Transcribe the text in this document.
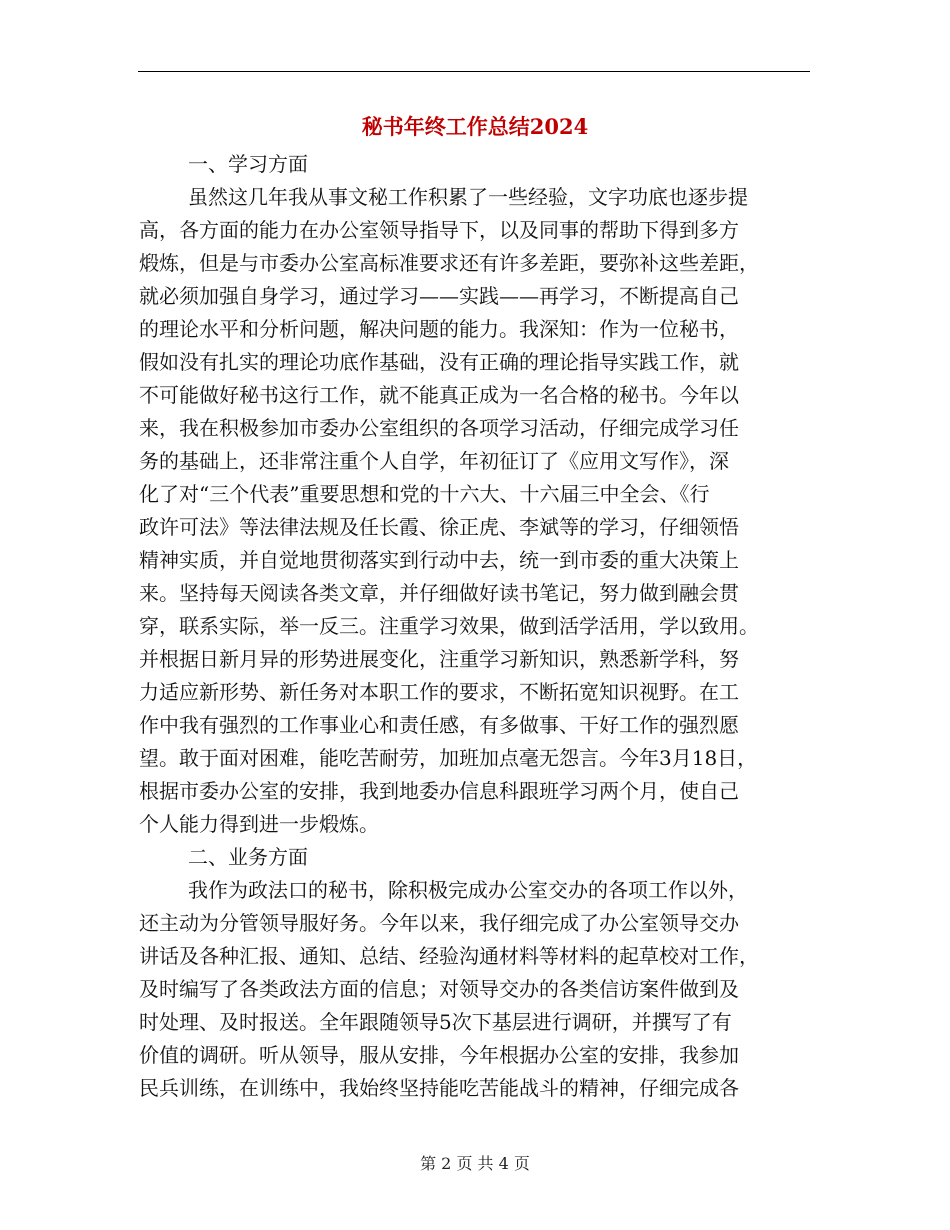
秘书年终工作总结2024
一、学习方面
虽然这几年我从事文秘工作积累了一些经验，文字功底也逐步提
高，各方面的能力在办公室领导指导下，以及同事的帮助下得到多方
煅炼，但是与市委办公室高标准要求还有许多差距，要弥补这些差距，
就必须加强自身学习，通过学习——实践——再学习，不断提高自己
的理论水平和分析问题，解决问题的能力。我深知：作为一位秘书，
假如没有扎实的理论功底作基础，没有正确的理论指导实践工作，就
不可能做好秘书这行工作，就不能真正成为一名合格的秘书。今年以
来，我在积极参加市委办公室组织的各项学习活动，仔细完成学习任
务的基础上，还非常注重个人自学，年初征订了《应用文写作》，深
化了对“三个代表”重要思想和党的十六大、十六届三中全会、《行
政许可法》等法律法规及任长霞、徐正虎、李斌等的学习，仔细领悟
精神实质，并自觉地贯彻落实到行动中去，统一到市委的重大决策上
来。坚持每天阅读各类文章，并仔细做好读书笔记，努力做到融会贯
穿，联系实际，举一反三。注重学习效果，做到活学活用，学以致用。
并根据日新月异的形势进展变化，注重学习新知识，熟悉新学科，努
力适应新形势、新任务对本职工作的要求，不断拓宽知识视野。在工
作中我有强烈的工作事业心和责任感，有多做事、干好工作的强烈愿
望。敢于面对困难，能吃苦耐劳，加班加点毫无怨言。今年3月18日，
根据市委办公室的安排，我到地委办信息科跟班学习两个月，使自己
个人能力得到进一步煅炼。
二、业务方面
我作为政法口的秘书，除积极完成办公室交办的各项工作以外，
还主动为分管领导服好务。今年以来，我仔细完成了办公室领导交办
讲话及各种汇报、通知、总结、经验沟通材料等材料的起草校对工作，
及时编写了各类政法方面的信息；对领导交办的各类信访案件做到及
时处理、及时报送。全年跟随领导5次下基层进行调研，并撰写了有
价值的调研。听从领导，服从安排，今年根据办公室的安排，我参加
民兵训练，在训练中，我始终坚持能吃苦能战斗的精神，仔细完成各
第 2 页 共 4 页
